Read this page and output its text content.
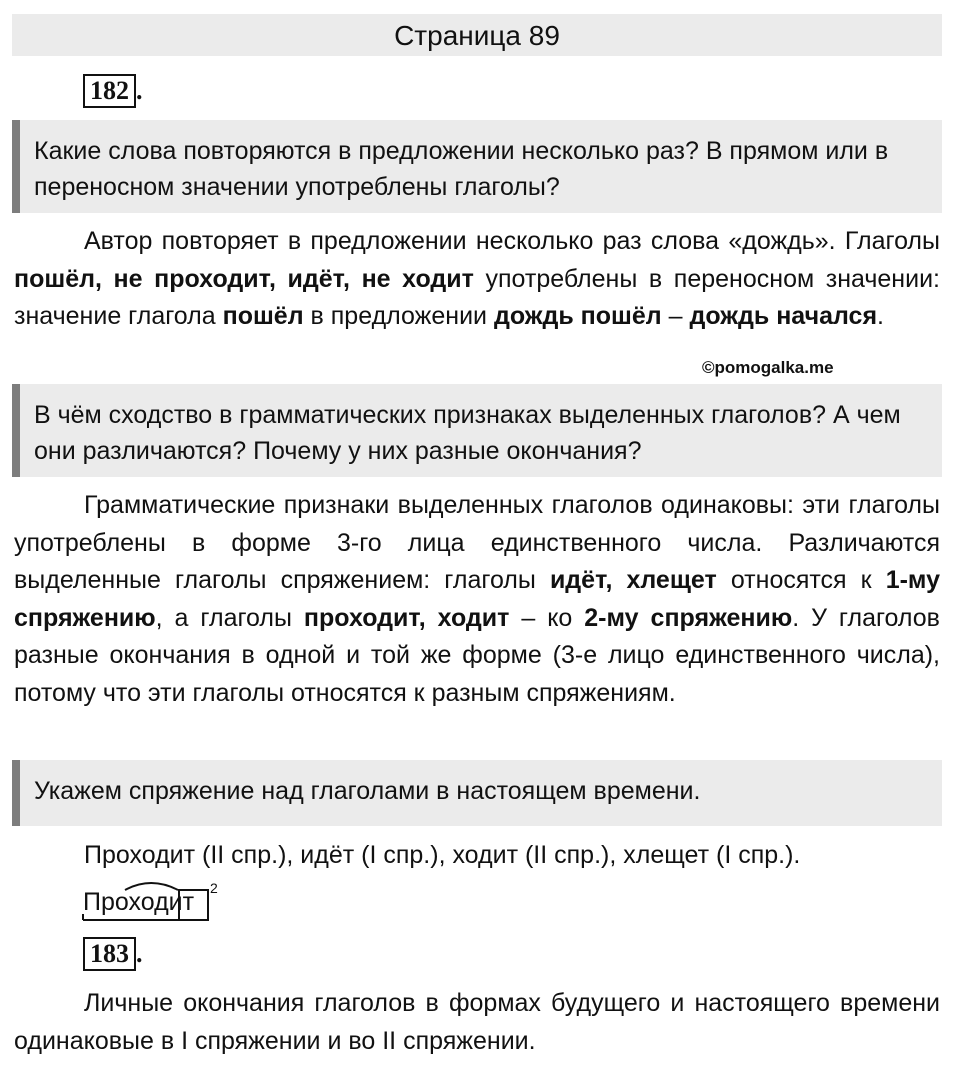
Страница 89
182 .
Какие слова повторяются в предложении несколько раз? В прямом или в переносном значении употреблены глаголы?

Автор повторяет в предложении несколько раз слова «дождь». Глаголы пошёл, не проходит, идёт, не ходит употреблены в переносном значении: значение глагола пошёл в предложении дождь пошёл – дождь начался.

©pomogalka.me
В чём сходство в грамматических признаках выделенных глаголов? А чем они различаются? Почему у них разные окончания?

Грамматические признаки выделенных глаголов одинаковы: эти глаголы употреблены в форме 3-го лица единственного числа. Различаются выделенные глаголы спряжением: глаголы идёт, хлещет относятся к 1-му спряжению, а глаголы проходит, ходит – ко 2-му спряжению. У глаголов разные окончания в одной и той же форме (3-е лицо единственного числа), потому что эти глаголы относятся к разным спряжениям.

Укажем спряжение над глаголами в настоящем времени.
Проходит (II спр.), идёт (I спр.), ходит (II спр.), хлещет (I спр.).
Проходит 2
183 .

Личные окончания глаголов в формах будущего и настоящего времени одинаковые в I спряжении и во II спряжении.
